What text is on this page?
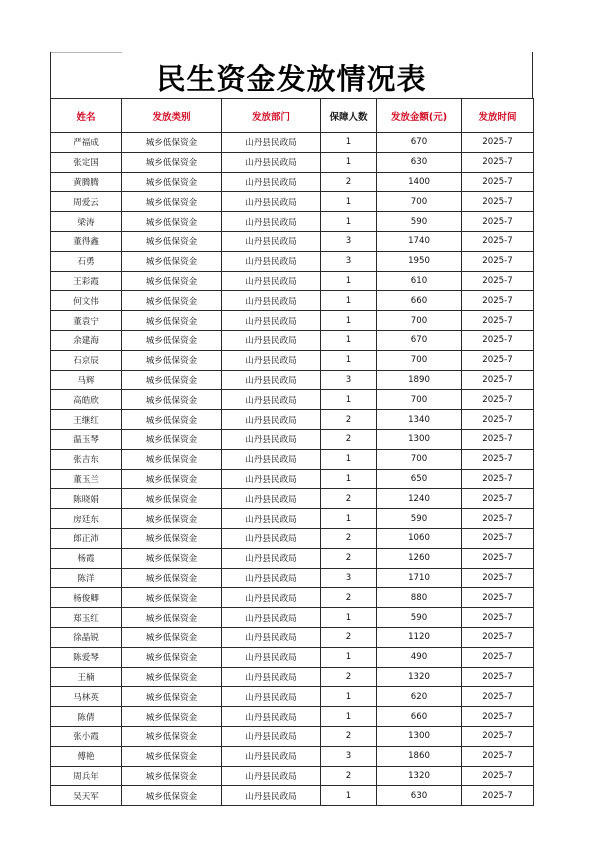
民生资金发放情况表
姓名	发放类别	发放部门	保障人数	发放金额(元)	发放时间
严福成	城乡低保资金	山丹县民政局	1	670	2025-7
张定国	城乡低保资金	山丹县民政局	1	630	2025-7
黄腾腾	城乡低保资金	山丹县民政局	2	1400	2025-7
周爱云	城乡低保资金	山丹县民政局	1	700	2025-7
梁涛	城乡低保资金	山丹县民政局	1	590	2025-7
董得鑫	城乡低保资金	山丹县民政局	3	1740	2025-7
石勇	城乡低保资金	山丹县民政局	3	1950	2025-7
王彩霞	城乡低保资金	山丹县民政局	1	610	2025-7
何文伟	城乡低保资金	山丹县民政局	1	660	2025-7
董袁宁	城乡低保资金	山丹县民政局	1	700	2025-7
余建海	城乡低保资金	山丹县民政局	1	670	2025-7
石京辰	城乡低保资金	山丹县民政局	1	700	2025-7
马辉	城乡低保资金	山丹县民政局	3	1890	2025-7
高皓欣	城乡低保资金	山丹县民政局	1	700	2025-7
王继红	城乡低保资金	山丹县民政局	2	1340	2025-7
温玉琴	城乡低保资金	山丹县民政局	2	1300	2025-7
张吉东	城乡低保资金	山丹县民政局	1	700	2025-7
董玉兰	城乡低保资金	山丹县民政局	1	650	2025-7
陈晓娟	城乡低保资金	山丹县民政局	2	1240	2025-7
房廷东	城乡低保资金	山丹县民政局	1	590	2025-7
郎正沛	城乡低保资金	山丹县民政局	2	1060	2025-7
杨霞	城乡低保资金	山丹县民政局	2	1260	2025-7
陈洋	城乡低保资金	山丹县民政局	3	1710	2025-7
杨俊卿	城乡低保资金	山丹县民政局	2	880	2025-7
郑玉红	城乡低保资金	山丹县民政局	1	590	2025-7
徐晶锐	城乡低保资金	山丹县民政局	2	1120	2025-7
陈爱琴	城乡低保资金	山丹县民政局	1	490	2025-7
王楠	城乡低保资金	山丹县民政局	2	1320	2025-7
马林英	城乡低保资金	山丹县民政局	1	620	2025-7
陈倩	城乡低保资金	山丹县民政局	1	660	2025-7
张小霞	城乡低保资金	山丹县民政局	2	1300	2025-7
傅艳	城乡低保资金	山丹县民政局	3	1860	2025-7
周兵年	城乡低保资金	山丹县民政局	2	1320	2025-7
吴天军	城乡低保资金	山丹县民政局	1	630	2025-7
